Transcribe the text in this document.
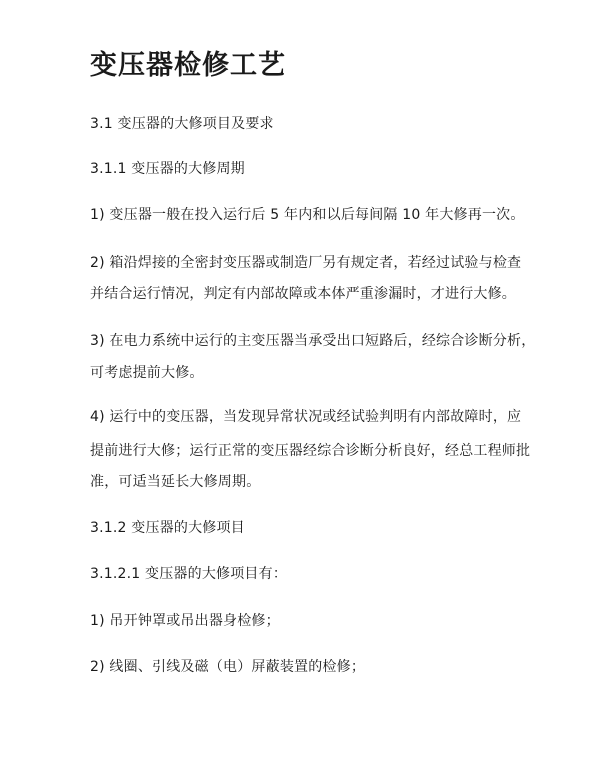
变压器检修工艺
3.1 变压器的大修项目及要求
3.1.1 变压器的大修周期
1) 变压器一般在投入运行后 5 年内和以后每间隔 10 年大修再一次。
2) 箱沿焊接的全密封变压器或制造厂另有规定者，若经过试验与检查
并结合运行情况，判定有内部故障或本体严重渗漏时，才进行大修。
3) 在电力系统中运行的主变压器当承受出口短路后，经综合诊断分析，
可考虑提前大修。
4) 运行中的变压器，当发现异常状况或经试验判明有内部故障时，应
提前进行大修；运行正常的变压器经综合诊断分析良好，经总工程师批
准，可适当延长大修周期。
3.1.2 变压器的大修项目
3.1.2.1 变压器的大修项目有：
1) 吊开钟罩或吊出器身检修；
2) 线圈、引线及磁（电）屏蔽装置的检修；
